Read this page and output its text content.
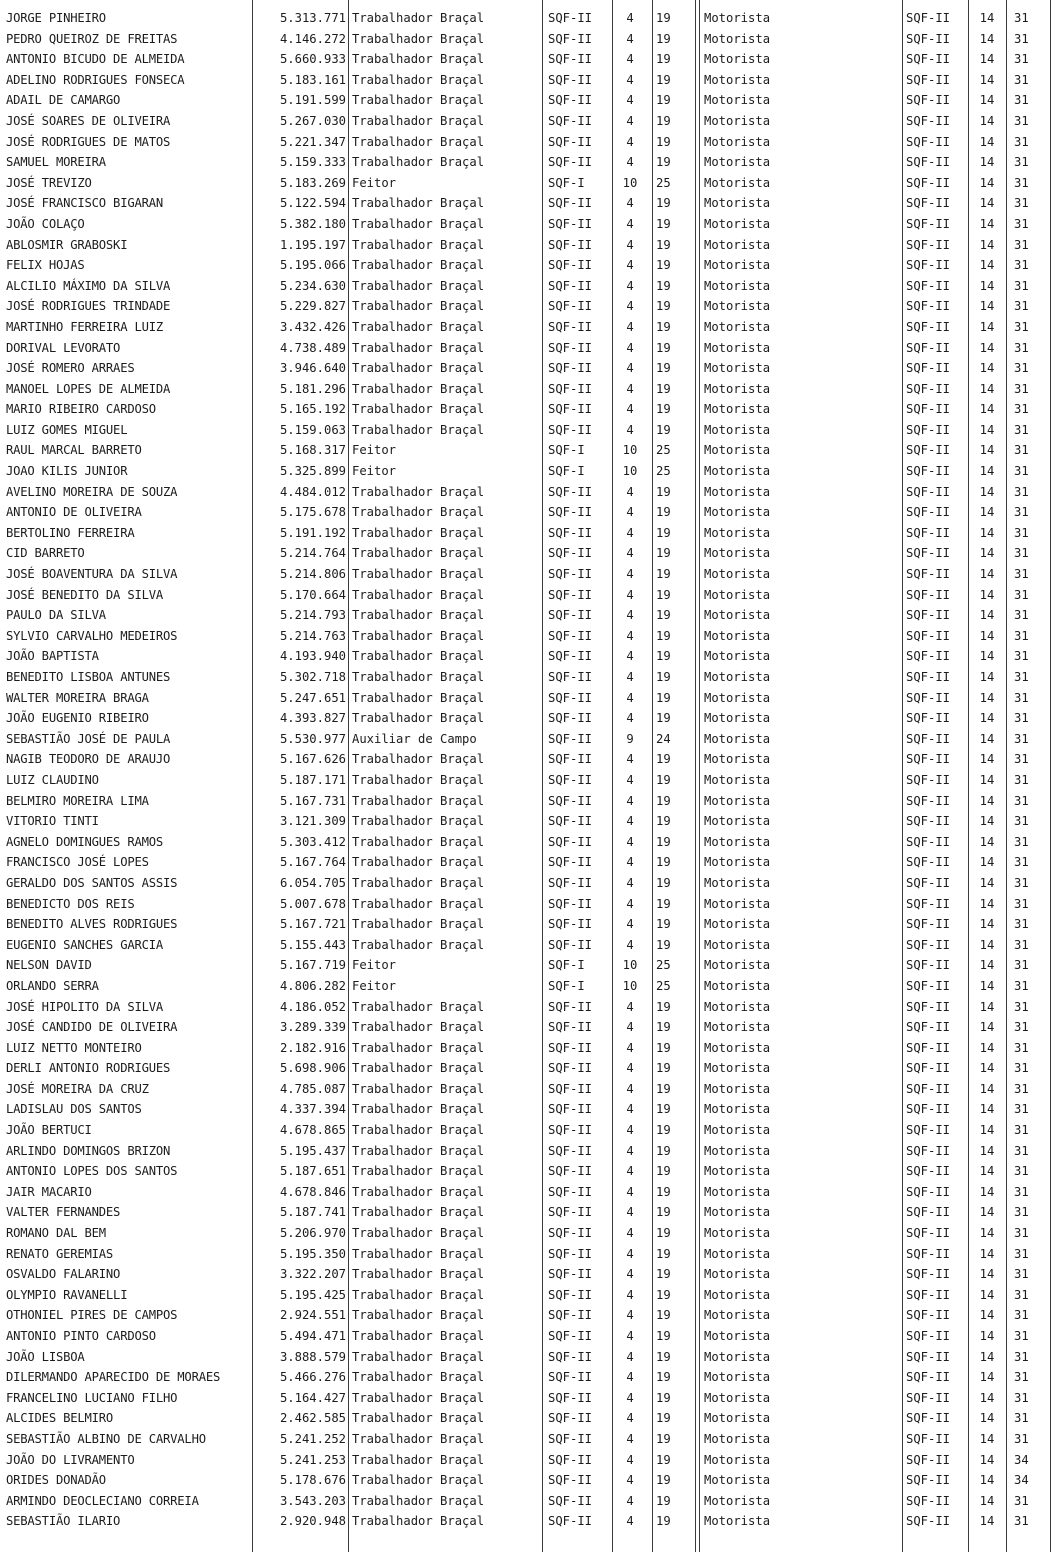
JORGE PINHEIRO	5.313.771 Trabalhador Braçal	SQF-II	4	19	Motorista	SQF-II	14	31
PEDRO QUEIROZ DE FREITAS	4.146.272 Trabalhador Braçal	SQF-II	4	19	Motorista	SQF-II	14	31
ANTONIO BICUDO DE ALMEIDA	5.660.933 Trabalhador Braçal	SQF-II	4	19	Motorista	SQF-II	14	31
ADELINO RODRIGUES FONSECA	5.183.161 Trabalhador Braçal	SQF-II	4	19	Motorista	SQF-II	14	31
ADAIL DE CAMARGO	5.191.599 Trabalhador Braçal	SQF-II	4	19	Motorista	SQF-II	14	31
JOSÉ SOARES DE OLIVEIRA	5.267.030 Trabalhador Braçal	SQF-II	4	19	Motorista	SQF-II	14	31
JOSÉ RODRIGUES DE MATOS	5.221.347 Trabalhador Braçal	SQF-II	4	19	Motorista	SQF-II	14	31
SAMUEL MOREIRA	5.159.333 Trabalhador Braçal	SQF-II	4	19	Motorista	SQF-II	14	31
JOSÉ TREVIZO	5.183.269 Feitor	SQF-I	10	25	Motorista	SQF-II	14	31
JOSÉ FRANCISCO BIGARAN	5.122.594 Trabalhador Braçal	SQF-II	4	19	Motorista	SQF-II	14	31
JOÃO COLAÇO	5.382.180 Trabalhador Braçal	SQF-II	4	19	Motorista	SQF-II	14	31
ABLOSMIR GRABOSKI	1.195.197 Trabalhador Braçal	SQF-II	4	19	Motorista	SQF-II	14	31
FELIX HOJAS	5.195.066 Trabalhador Braçal	SQF-II	4	19	Motorista	SQF-II	14	31
ALCILIO MÁXIMO DA SILVA	5.234.630 Trabalhador Braçal	SQF-II	4	19	Motorista	SQF-II	14	31
JOSÉ RODRIGUES TRINDADE	5.229.827 Trabalhador Braçal	SQF-II	4	19	Motorista	SQF-II	14	31
MARTINHO FERREIRA LUIZ	3.432.426 Trabalhador Braçal	SQF-II	4	19	Motorista	SQF-II	14	31
DORIVAL LEVORATO	4.738.489 Trabalhador Braçal	SQF-II	4	19	Motorista	SQF-II	14	31
JOSÉ ROMERO ARRAES	3.946.640 Trabalhador Braçal	SQF-II	4	19	Motorista	SQF-II	14	31
MANOEL LOPES DE ALMEIDA	5.181.296 Trabalhador Braçal	SQF-II	4	19	Motorista	SQF-II	14	31
MARIO RIBEIRO CARDOSO	5.165.192 Trabalhador Braçal	SQF-II	4	19	Motorista	SQF-II	14	31
LUIZ GOMES MIGUEL	5.159.063 Trabalhador Braçal	SQF-II	4	19	Motorista	SQF-II	14	31
RAUL MARCAL BARRETO	5.168.317 Feitor	SQF-I	10	25	Motorista	SQF-II	14	31
JOAO KILIS JUNIOR	5.325.899 Feitor	SQF-I	10	25	Motorista	SQF-II	14	31
AVELINO MOREIRA DE SOUZA	4.484.012 Trabalhador Braçal	SQF-II	4	19	Motorista	SQF-II	14	31
ANTONIO DE OLIVEIRA	5.175.678 Trabalhador Braçal	SQF-II	4	19	Motorista	SQF-II	14	31
BERTOLINO FERREIRA	5.191.192 Trabalhador Braçal	SQF-II	4	19	Motorista	SQF-II	14	31
CID BARRETO	5.214.764 Trabalhador Braçal	SQF-II	4	19	Motorista	SQF-II	14	31
JOSÉ BOAVENTURA DA SILVA	5.214.806 Trabalhador Braçal	SQF-II	4	19	Motorista	SQF-II	14	31
JOSÉ BENEDITO DA SILVA	5.170.664 Trabalhador Braçal	SQF-II	4	19	Motorista	SQF-II	14	31
PAULO DA SILVA	5.214.793 Trabalhador Braçal	SQF-II	4	19	Motorista	SQF-II	14	31
SYLVIO CARVALHO MEDEIROS	5.214.763 Trabalhador Braçal	SQF-II	4	19	Motorista	SQF-II	14	31
JOÃO BAPTISTA	4.193.940 Trabalhador Braçal	SQF-II	4	19	Motorista	SQF-II	14	31
BENEDITO LISBOA ANTUNES	5.302.718 Trabalhador Braçal	SQF-II	4	19	Motorista	SQF-II	14	31
WALTER MOREIRA BRAGA	5.247.651 Trabalhador Braçal	SQF-II	4	19	Motorista	SQF-II	14	31
JOÃO EUGENIO RIBEIRO	4.393.827 Trabalhador Braçal	SQF-II	4	19	Motorista	SQF-II	14	31
SEBASTIÃO JOSÉ DE PAULA	5.530.977 Auxiliar de Campo	SQF-II	9	24	Motorista	SQF-II	14	31
NAGIB TEODORO DE ARAUJO	5.167.626 Trabalhador Braçal	SQF-II	4	19	Motorista	SQF-II	14	31
LUIZ CLAUDINO	5.187.171 Trabalhador Braçal	SQF-II	4	19	Motorista	SQF-II	14	31
BELMIRO MOREIRA LIMA	5.167.731 Trabalhador Braçal	SQF-II	4	19	Motorista	SQF-II	14	31
VITORIO TINTI	3.121.309 Trabalhador Braçal	SQF-II	4	19	Motorista	SQF-II	14	31
AGNELO DOMINGUES RAMOS	5.303.412 Trabalhador Braçal	SQF-II	4	19	Motorista	SQF-II	14	31
FRANCISCO JOSÉ LOPES	5.167.764 Trabalhador Braçal	SQF-II	4	19	Motorista	SQF-II	14	31
GERALDO DOS SANTOS ASSIS	6.054.705 Trabalhador Braçal	SQF-II	4	19	Motorista	SQF-II	14	31
BENEDICTO DOS REIS	5.007.678 Trabalhador Braçal	SQF-II	4	19	Motorista	SQF-II	14	31
BENEDITO ALVES RODRIGUES	5.167.721 Trabalhador Braçal	SQF-II	4	19	Motorista	SQF-II	14	31
EUGENIO SANCHES GARCIA	5.155.443 Trabalhador Braçal	SQF-II	4	19	Motorista	SQF-II	14	31
NELSON DAVID	5.167.719 Feitor	SQF-I	10	25	Motorista	SQF-II	14	31
ORLANDO SERRA	4.806.282 Feitor	SQF-I	10	25	Motorista	SQF-II	14	31
JOSÉ HIPOLITO DA SILVA	4.186.052 Trabalhador Braçal	SQF-II	4	19	Motorista	SQF-II	14	31
JOSÉ CANDIDO DE OLIVEIRA	3.289.339 Trabalhador Braçal	SQF-II	4	19	Motorista	SQF-II	14	31
LUIZ NETTO MONTEIRO	2.182.916 Trabalhador Braçal	SQF-II	4	19	Motorista	SQF-II	14	31
DERLI ANTONIO RODRIGUES	5.698.906 Trabalhador Braçal	SQF-II	4	19	Motorista	SQF-II	14	31
JOSÉ MOREIRA DA CRUZ	4.785.087 Trabalhador Braçal	SQF-II	4	19	Motorista	SQF-II	14	31
LADISLAU DOS SANTOS	4.337.394 Trabalhador Braçal	SQF-II	4	19	Motorista	SQF-II	14	31
JOÃO BERTUCI	4.678.865 Trabalhador Braçal	SQF-II	4	19	Motorista	SQF-II	14	31
ARLINDO DOMINGOS BRIZON	5.195.437 Trabalhador Braçal	SQF-II	4	19	Motorista	SQF-II	14	31
ANTONIO LOPES DOS SANTOS	5.187.651 Trabalhador Braçal	SQF-II	4	19	Motorista	SQF-II	14	31
JAIR MACARIO	4.678.846 Trabalhador Braçal	SQF-II	4	19	Motorista	SQF-II	14	31
VALTER FERNANDES	5.187.741 Trabalhador Braçal	SQF-II	4	19	Motorista	SQF-II	14	31
ROMANO DAL BEM	5.206.970 Trabalhador Braçal	SQF-II	4	19	Motorista	SQF-II	14	31
RENATO GEREMIAS	5.195.350 Trabalhador Braçal	SQF-II	4	19	Motorista	SQF-II	14	31
OSVALDO FALARINO	3.322.207 Trabalhador Braçal	SQF-II	4	19	Motorista	SQF-II	14	31
OLYMPIO RAVANELLI	5.195.425 Trabalhador Braçal	SQF-II	4	19	Motorista	SQF-II	14	31
OTHONIEL PIRES DE CAMPOS	2.924.551 Trabalhador Braçal	SQF-II	4	19	Motorista	SQF-II	14	31
ANTONIO PINTO CARDOSO	5.494.471 Trabalhador Braçal	SQF-II	4	19	Motorista	SQF-II	14	31
JOÃO LISBOA	3.888.579 Trabalhador Braçal	SQF-II	4	19	Motorista	SQF-II	14	31
DILERMANDO APARECIDO DE MORAES	5.466.276 Trabalhador Braçal	SQF-II	4	19	Motorista	SQF-II	14	31
FRANCELINO LUCIANO FILHO	5.164.427 Trabalhador Braçal	SQF-II	4	19	Motorista	SQF-II	14	31
ALCIDES BELMIRO	2.462.585 Trabalhador Braçal	SQF-II	4	19	Motorista	SQF-II	14	31
SEBASTIÃO ALBINO DE CARVALHO	5.241.252 Trabalhador Braçal	SQF-II	4	19	Motorista	SQF-II	14	31
JOÃO DO LIVRAMENTO	5.241.253 Trabalhador Braçal	SQF-II	4	19	Motorista	SQF-II	14	34
ORIDES DONADÃO	5.178.676 Trabalhador Braçal	SQF-II	4	19	Motorista	SQF-II	14	34
ARMINDO DEOCLECIANO CORREIA	3.543.203 Trabalhador Braçal	SQF-II	4	19	Motorista	SQF-II	14	31
SEBASTIÃO ILARIO	2.920.948 Trabalhador Braçal	SQF-II	4	19	Motorista	SQF-II	14	31
